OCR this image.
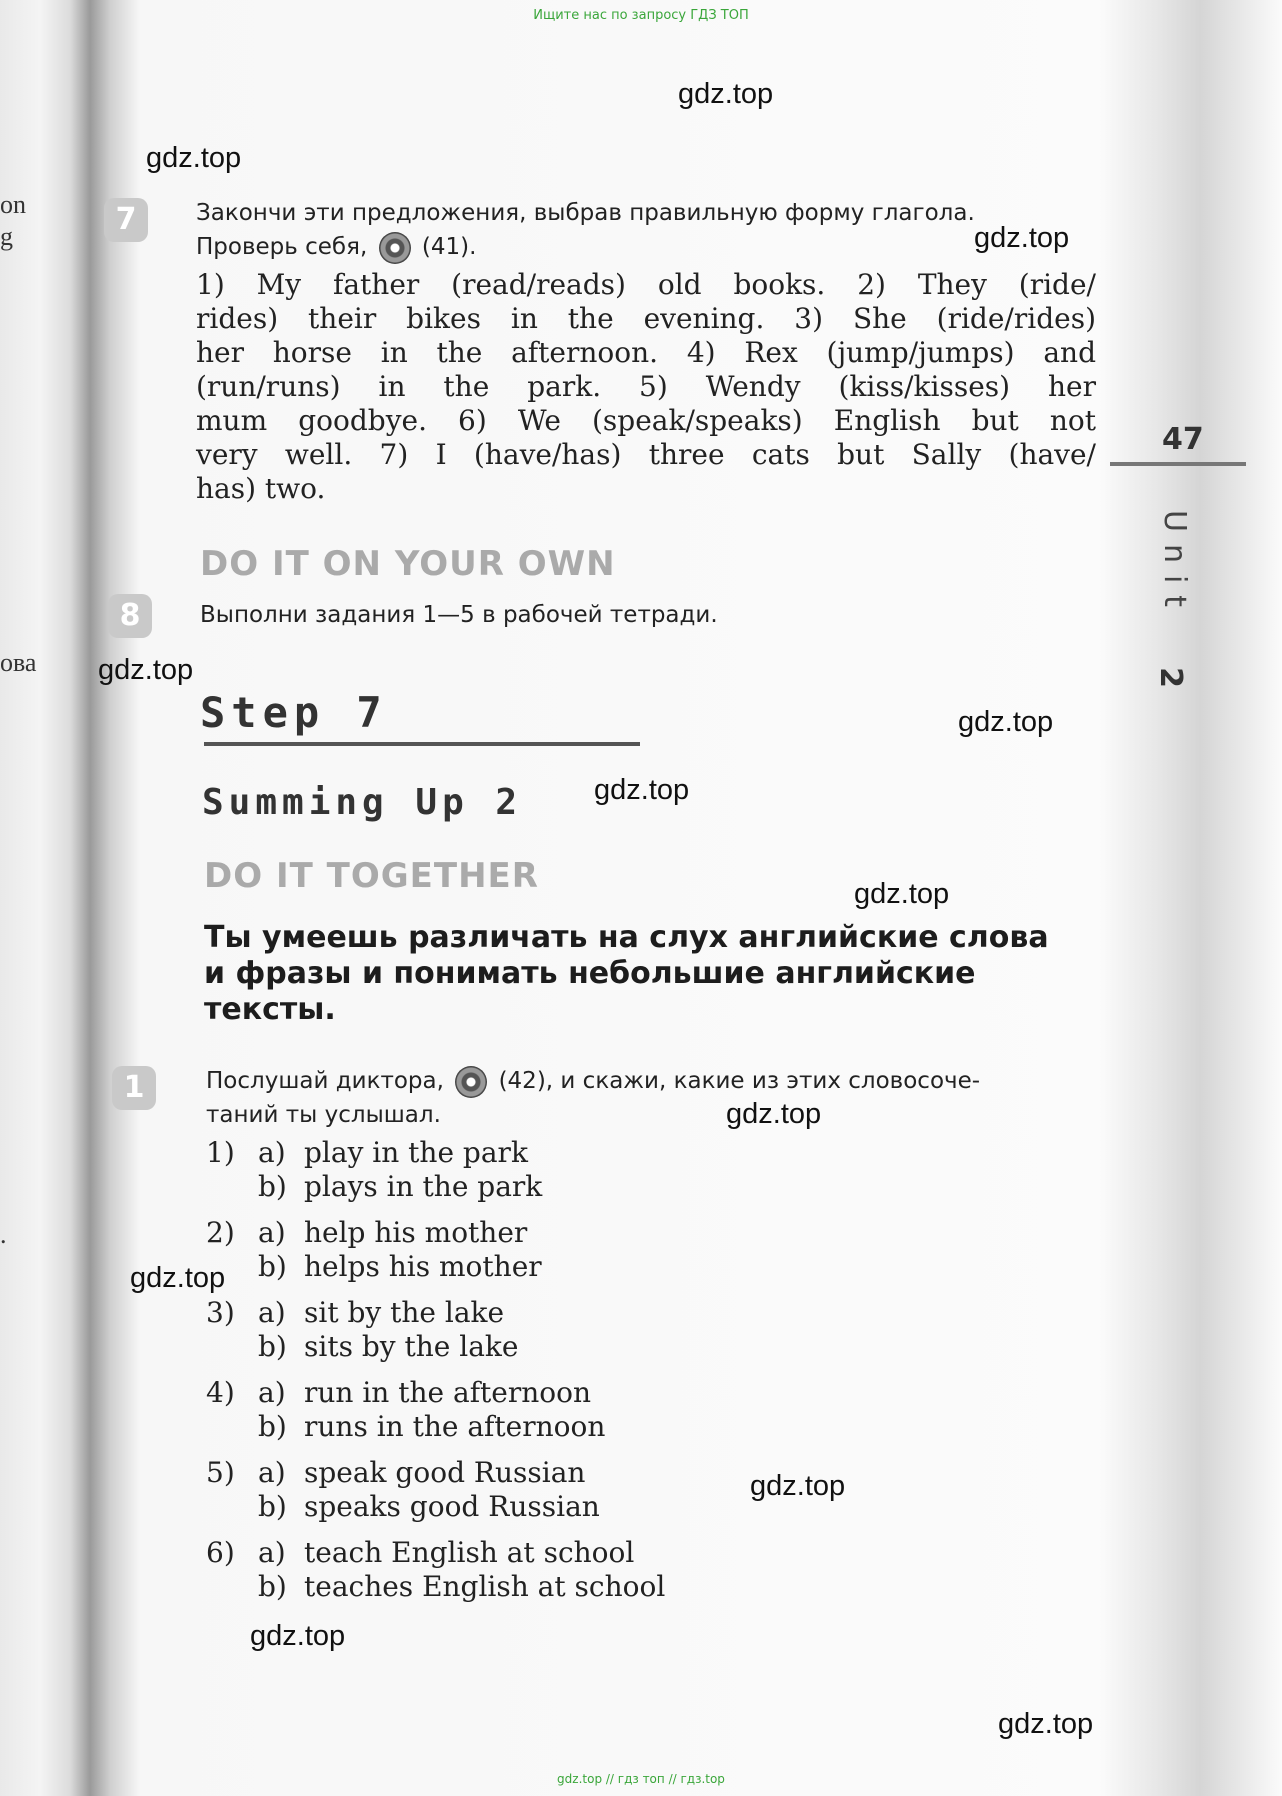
Ищите нас по запросу ГДЗ ТОП
on
g
ова
.
gdz.top
gdz.top
gdz.top
gdz.top
gdz.top
gdz.top
gdz.top
gdz.top
gdz.top
gdz.top
gdz.top
gdz.top
7	Закончи эти предложения, выбрав правильную форму глагола.
Проверь себя, (41).
1) My father (read/reads) old books. 2) They (ride/
rides) their bikes in the evening. 3) She (ride/rides)
her horse in the afternoon. 4) Rex (jump/jumps) and
(run/runs) in the park. 5) Wendy (kiss/kisses) her
mum goodbye. 6) We (speak/speaks) English but not
very well. 7) I (have/has) three cats but Sally (have/
has) two.
DO IT ON YOUR OWN
8	Выполни задания 1—5 в рабочей тетради.
Step 7
Summing Up 2
DO IT TOGETHER
Ты умеешь различать на слух английские слова и фразы и понимать небольшие английские тексты.
1	Послушай диктора, (42), и скажи, какие из этих словосоче-
таний ты услышал.
1) a) play in the park
b) plays in the park
2) a) help his mother
b) helps his mother
3) a) sit by the lake
b) sits by the lake
4) a) run in the afternoon
b) runs in the afternoon
5) a) speak good Russian
b) speaks good Russian
6) a) teach English at school
b) teaches English at school
47
Unit
2
gdz.top // гдз топ // гдз.top
